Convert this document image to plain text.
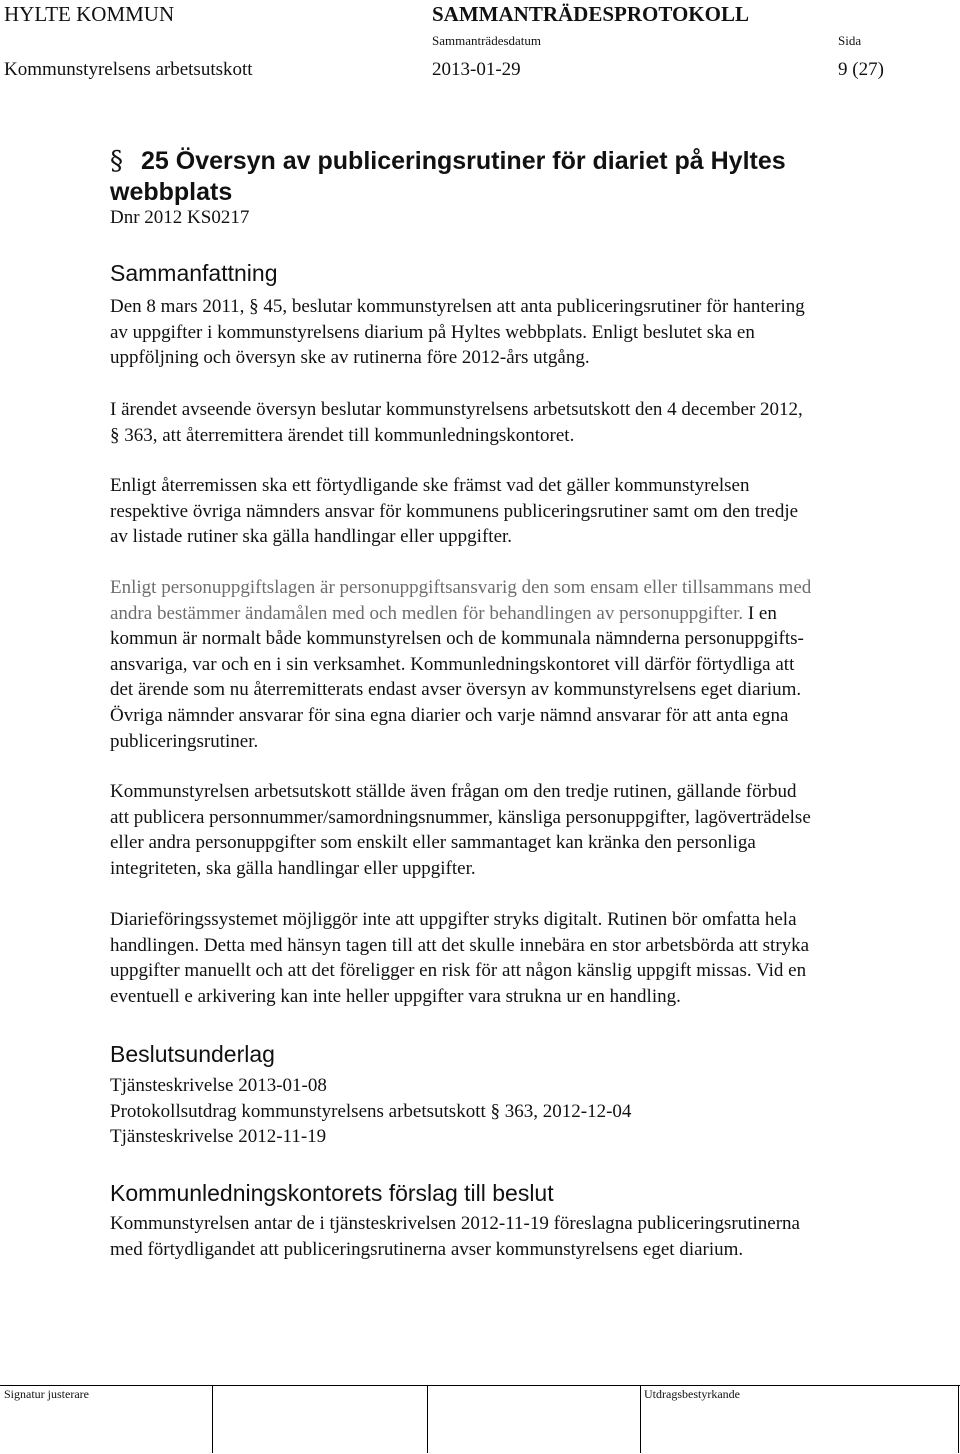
HYLTE KOMMUN	SAMMANTRÄDESPROTOKOLL
Sammanträdesdatum	Sida
Kommunstyrelsens arbetsutskott	2013-01-29	9 (27)
§ 25 Översyn av publiceringsrutiner för diariet på Hyltes webbplats
Dnr 2012 KS0217
Sammanfattning
Den 8 mars 2011, § 45, beslutar kommunstyrelsen att anta publiceringsrutiner för hantering
av uppgifter i kommunstyrelsens diarium på Hyltes webbplats. Enligt beslutet ska en
uppföljning och översyn ske av rutinerna före 2012-års utgång.
I ärendet avseende översyn beslutar kommunstyrelsens arbetsutskott den 4 december 2012,
§ 363, att återremittera ärendet till kommunledningskontoret.
Enligt återremissen ska ett förtydligande ske främst vad det gäller kommunstyrelsen
respektive övriga nämnders ansvar för kommunens publiceringsrutiner samt om den tredje
av listade rutiner ska gälla handlingar eller uppgifter.
Enligt personuppgiftslagen är personuppgiftsansvarig den som ensam eller tillsammans med
andra bestämmer ändamålen med och medlen för behandlingen av personuppgifter. I en
kommun är normalt både kommunstyrelsen och de kommunala nämnderna personuppgifts-
ansvariga, var och en i sin verksamhet. Kommunledningskontoret vill därför förtydliga att
det ärende som nu återremitterats endast avser översyn av kommunstyrelsens eget diarium.
Övriga nämnder ansvarar för sina egna diarier och varje nämnd ansvarar för att anta egna
publiceringsrutiner.
Kommunstyrelsen arbetsutskott ställde även frågan om den tredje rutinen, gällande förbud
att publicera personnummer/samordningsnummer, känsliga personuppgifter, lagöverträdelse
eller andra personuppgifter som enskilt eller sammantaget kan kränka den personliga
integriteten, ska gälla handlingar eller uppgifter.
Diarieföringssystemet möjliggör inte att uppgifter stryks digitalt. Rutinen bör omfatta hela
handlingen. Detta med hänsyn tagen till att det skulle innebära en stor arbetsbörda att stryka
uppgifter manuellt och att det föreligger en risk för att någon känslig uppgift missas. Vid en
eventuell e arkivering kan inte heller uppgifter vara strukna ur en handling.
Beslutsunderlag
Tjänsteskrivelse 2013-01-08
Protokollsutdrag kommunstyrelsens arbetsutskott § 363, 2012-12-04
Tjänsteskrivelse 2012-11-19
Kommunledningskontorets förslag till beslut
Kommunstyrelsen antar de i tjänsteskrivelsen 2012-11-19 föreslagna publiceringsrutinerna
med förtydligandet att publiceringsrutinerna avser kommunstyrelsens eget diarium.
Signatur justerare	Utdragsbestyrkande
